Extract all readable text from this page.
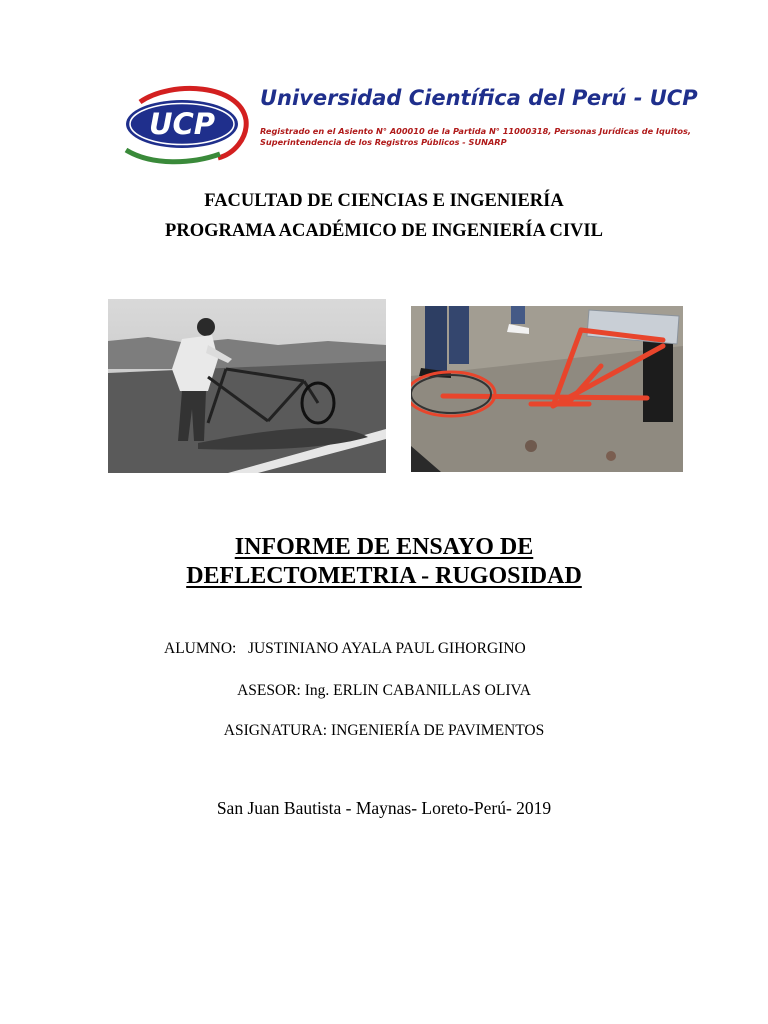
UCP
Universidad Científica del Perú - UCP
Registrado en el Asiento N° A00010 de la Partida N° 11000318, Personas Jurídicas de Iquitos,
Superintendencia de los Registros Públicos - SUNARP
FACULTAD DE CIENCIAS E INGENIERÍA
PROGRAMA ACADÉMICO DE INGENIERÍA CIVIL
INFORME DE ENSAYO DE
DEFLECTOMETRIA - RUGOSIDAD
ALUMNO:   JUSTINIANO AYALA PAUL GIHORGINO
ASESOR: Ing. ERLIN CABANILLAS OLIVA
ASIGNATURA: INGENIERÍA DE PAVIMENTOS
San Juan Bautista - Maynas- Loreto-Perú- 2019
